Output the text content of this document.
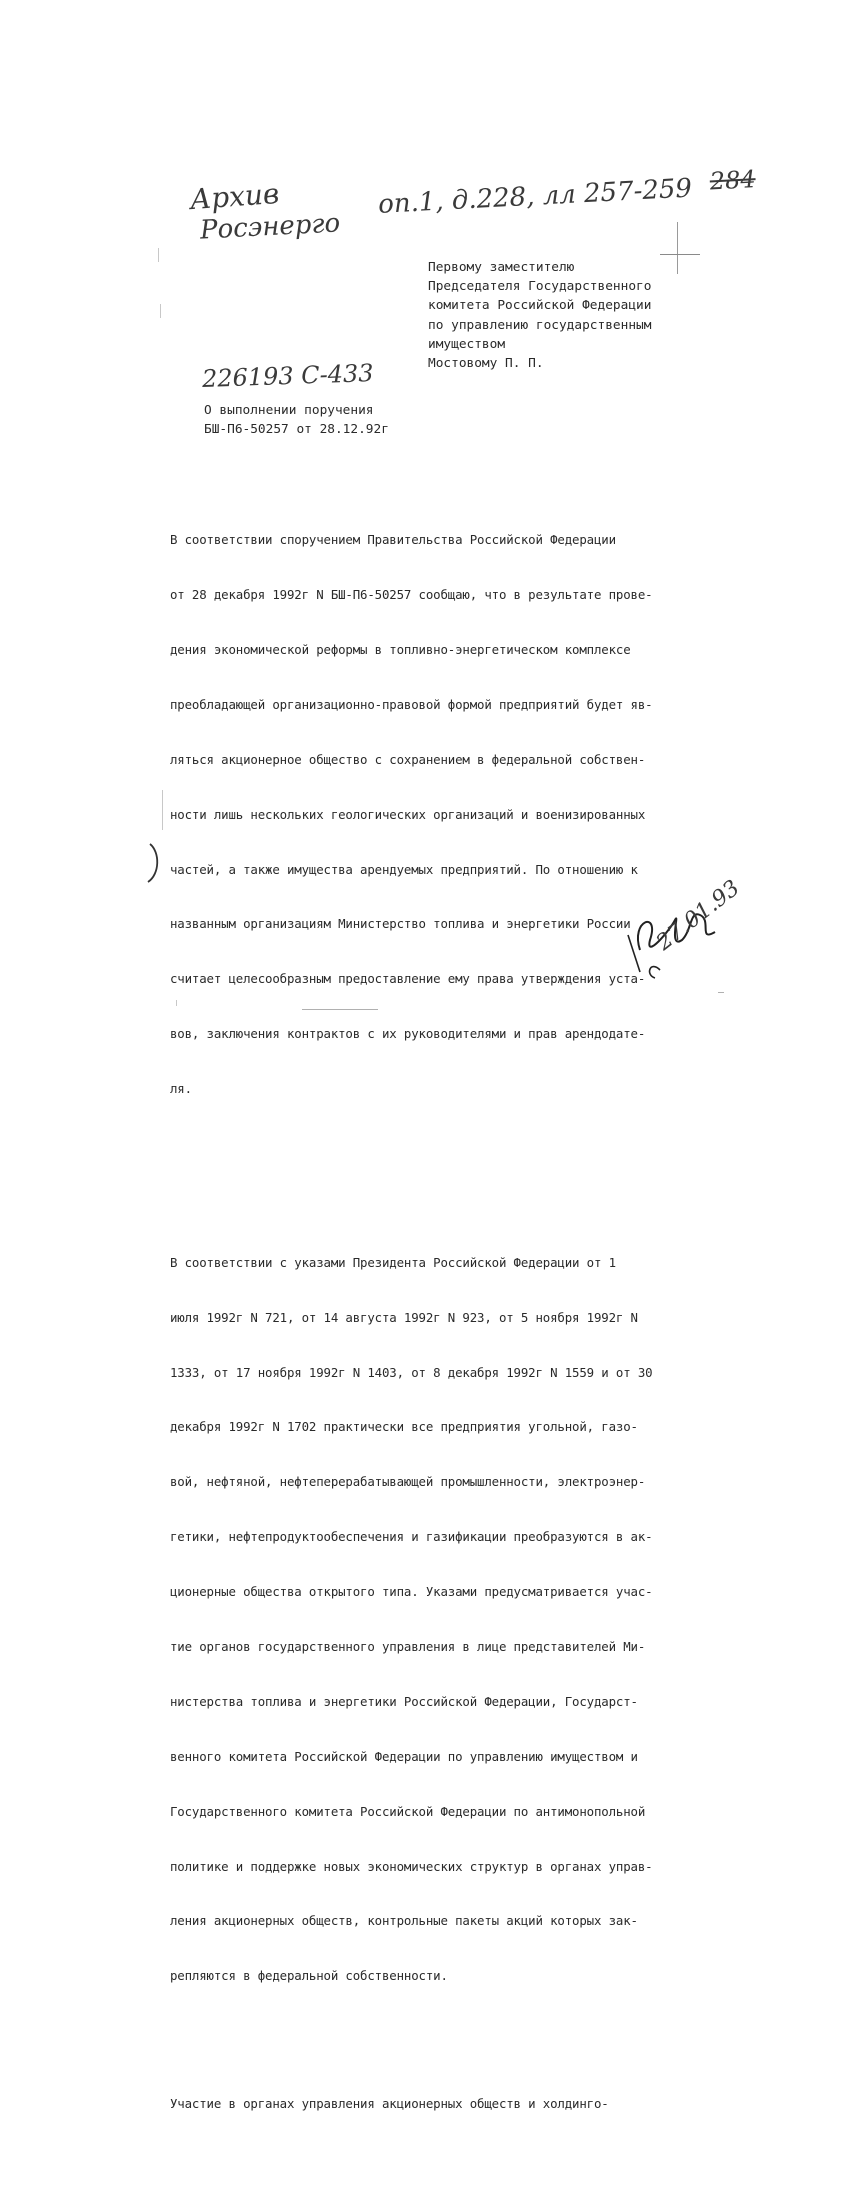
Архив
Росэнерго
оп.1, д.228, лл 257-259 284
226193 С-433
Первому заместителю
Председателя Государственного
комитета Российской Федерации
по управлению государственным
имуществом
Мостовому П. П.
О выполнении поручения
БШ-П6-50257 от 28.12.92г

В соответствии споручением Правительства Российской Федерации

от 28 декабря 1992г N БШ-П6-50257 сообщаю, что в результате прове-

дения экономической реформы в топливно-энергетическом комплексе

преобладающей организационно-правовой формой предприятий будет яв-

ляться акционерное общество с сохранением в федеральной собствен-

ности лишь нескольких геологических организаций и военизированных

частей, а также имущества арендуемых предприятий. По отношению к

названным организациям Министерство топлива и энергетики России

считает целесообразным предоставление ему права утверждения уста-

вов, заключения контрактов с их руководителями и прав арендодате-

ля.

В соответствии с указами Президента Российской Федерации от 1

июля 1992г N 721, от 14 августа 1992г N 923, от 5 ноября 1992г N

1333, от 17 ноября 1992г N 1403, от 8 декабря 1992г N 1559 и от 30

декабря 1992г N 1702 практически все предприятия угольной, газо-

вой, нефтяной, нефтеперерабатывающей промышленности, электроэнер-

гетики, нефтепродуктообеспечения и газификации преобразуются в ак-

ционерные общества открытого типа. Указами предусматривается учас-

тие органов государственного управления в лице представителей Ми-

нистерства топлива и энергетики Российской Федерации, Государст-

венного комитета Российской Федерации по управлению имуществом и

Государственного комитета Российской Федерации по антимонопольной

политике и поддержке новых экономических структур в органах управ-

ления акционерных обществ, контрольные пакеты акций которых зак-

репляются в федеральной собственности.

Участие в органах управления акционерных обществ и холдинго-

27.01.93
